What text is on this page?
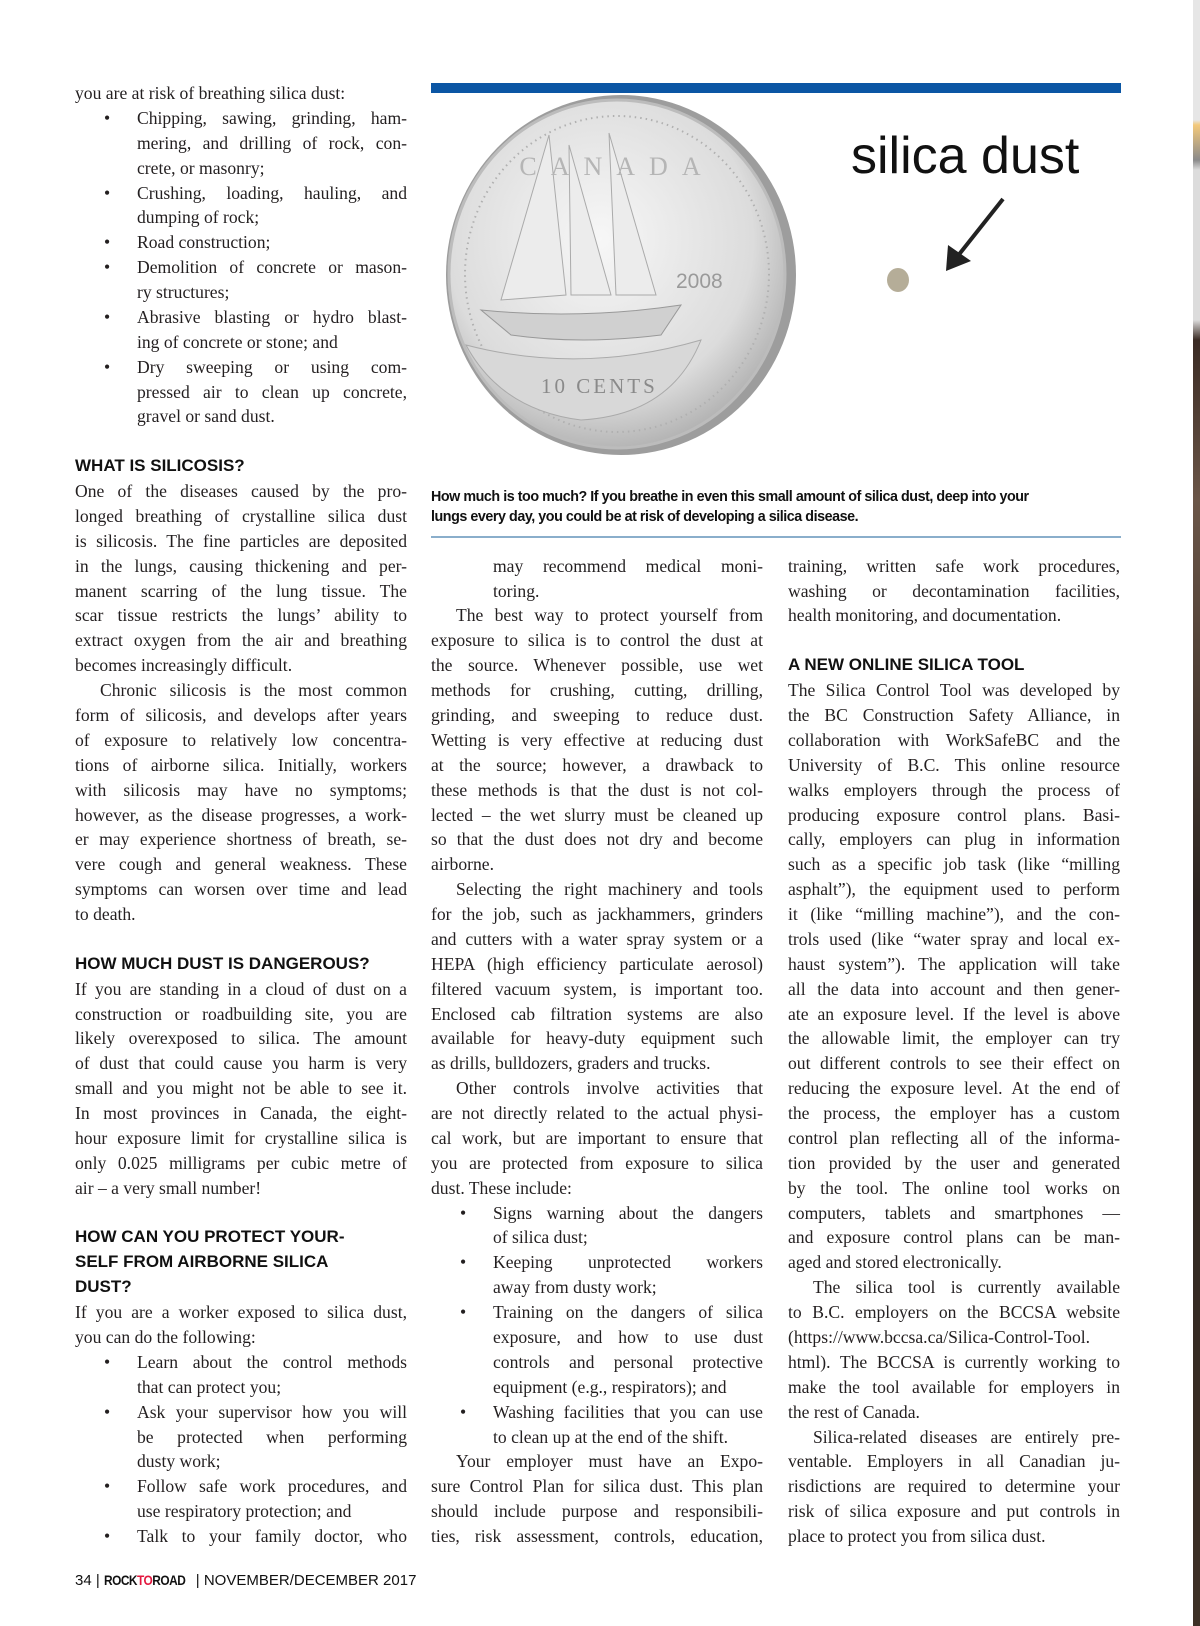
CANADA
2008
10 CENTS
silica dust
How much is too much? If you breathe in even this small amount of silica dust, deep into your
lungs every day, you could be at risk of developing a silica disease.
you are at risk of breathing silica dust:
• Chipping, sawing, grinding, ham-
mering, and drilling of rock, con-
crete, or masonry;
• Crushing, loading, hauling, and
dumping of rock;
• Road construction;
• Demolition of concrete or mason-
ry structures;
• Abrasive blasting or hydro blast-
ing of concrete or stone; and
• Dry sweeping or using com-
pressed air to clean up concrete,
gravel or sand dust.
WHAT IS SILICOSIS?
One of the diseases caused by the pro-
longed breathing of crystalline silica dust
is silicosis. The fine particles are deposited
in the lungs, causing thickening and per-
manent scarring of the lung tissue. The
scar tissue restricts the lungs’ ability to
extract oxygen from the air and breathing
becomes increasingly difficult.
Chronic silicosis is the most common
form of silicosis, and develops after years
of exposure to relatively low concentra-
tions of airborne silica. Initially, workers
with silicosis may have no symptoms;
however, as the disease progresses, a work-
er may experience shortness of breath, se-
vere cough and general weakness. These
symptoms can worsen over time and lead
to death.
HOW MUCH DUST IS DANGEROUS?
If you are standing in a cloud of dust on a
construction or roadbuilding site, you are
likely overexposed to silica. The amount
of dust that could cause you harm is very
small and you might not be able to see it.
In most provinces in Canada, the eight-
hour exposure limit for crystalline silica is
only 0.025 milligrams per cubic metre of
air – a very small number!
HOW CAN YOU PROTECT YOUR-
SELF FROM AIRBORNE SILICA
DUST?
If you are a worker exposed to silica dust,
you can do the following:
• Learn about the control methods
that can protect you;
• Ask your supervisor how you will
be protected when performing
dusty work;
• Follow safe work procedures, and
use respiratory protection; and
• Talk to your family doctor, who
may recommend medical moni-
toring.
The best way to protect yourself from
exposure to silica is to control the dust at
the source. Whenever possible, use wet
methods for crushing, cutting, drilling,
grinding, and sweeping to reduce dust.
Wetting is very effective at reducing dust
at the source; however, a drawback to
these methods is that the dust is not col-
lected – the wet slurry must be cleaned up
so that the dust does not dry and become
airborne.
Selecting the right machinery and tools
for the job, such as jackhammers, grinders
and cutters with a water spray system or a
HEPA (high efficiency particulate aerosol)
filtered vacuum system, is important too.
Enclosed cab filtration systems are also
available for heavy-duty equipment such
as drills, bulldozers, graders and trucks.
Other controls involve activities that
are not directly related to the actual physi-
cal work, but are important to ensure that
you are protected from exposure to silica
dust. These include:
• Signs warning about the dangers
of silica dust;
• Keeping unprotected workers
away from dusty work;
• Training on the dangers of silica
exposure, and how to use dust
controls and personal protective
equipment (e.g., respirators); and
• Washing facilities that you can use
to clean up at the end of the shift.
Your employer must have an Expo-
sure Control Plan for silica dust. This plan
should include purpose and responsibili-
ties, risk assessment, controls, education,
training, written safe work procedures,
washing or decontamination facilities,
health monitoring, and documentation.
A NEW ONLINE SILICA TOOL
The Silica Control Tool was developed by
the BC Construction Safety Alliance, in
collaboration with WorkSafeBC and the
University of B.C. This online resource
walks employers through the process of
producing exposure control plans. Basi-
cally, employers can plug in information
such as a specific job task (like “milling
asphalt”), the equipment used to perform
it (like “milling machine”), and the con-
trols used (like “water spray and local ex-
haust system”). The application will take
all the data into account and then gener-
ate an exposure level. If the level is above
the allowable limit, the employer can try
out different controls to see their effect on
reducing the exposure level. At the end of
the process, the employer has a custom
control plan reflecting all of the informa-
tion provided by the user and generated
by the tool. The online tool works on
computers, tablets and smartphones —
and exposure control plans can be man-
aged and stored electronically.
The silica tool is currently available
to B.C. employers on the BCCSA website
(https://www.bccsa.ca/Silica-Control-Tool.
html). The BCCSA is currently working to
make the tool available for employers in
the rest of Canada.
Silica-related diseases are entirely pre-
ventable. Employers in all Canadian ju-
risdictions are required to determine your
risk of silica exposure and put controls in
place to protect you from silica dust.
34 | ROCKTOROAD | NOVEMBER/DECEMBER 2017
